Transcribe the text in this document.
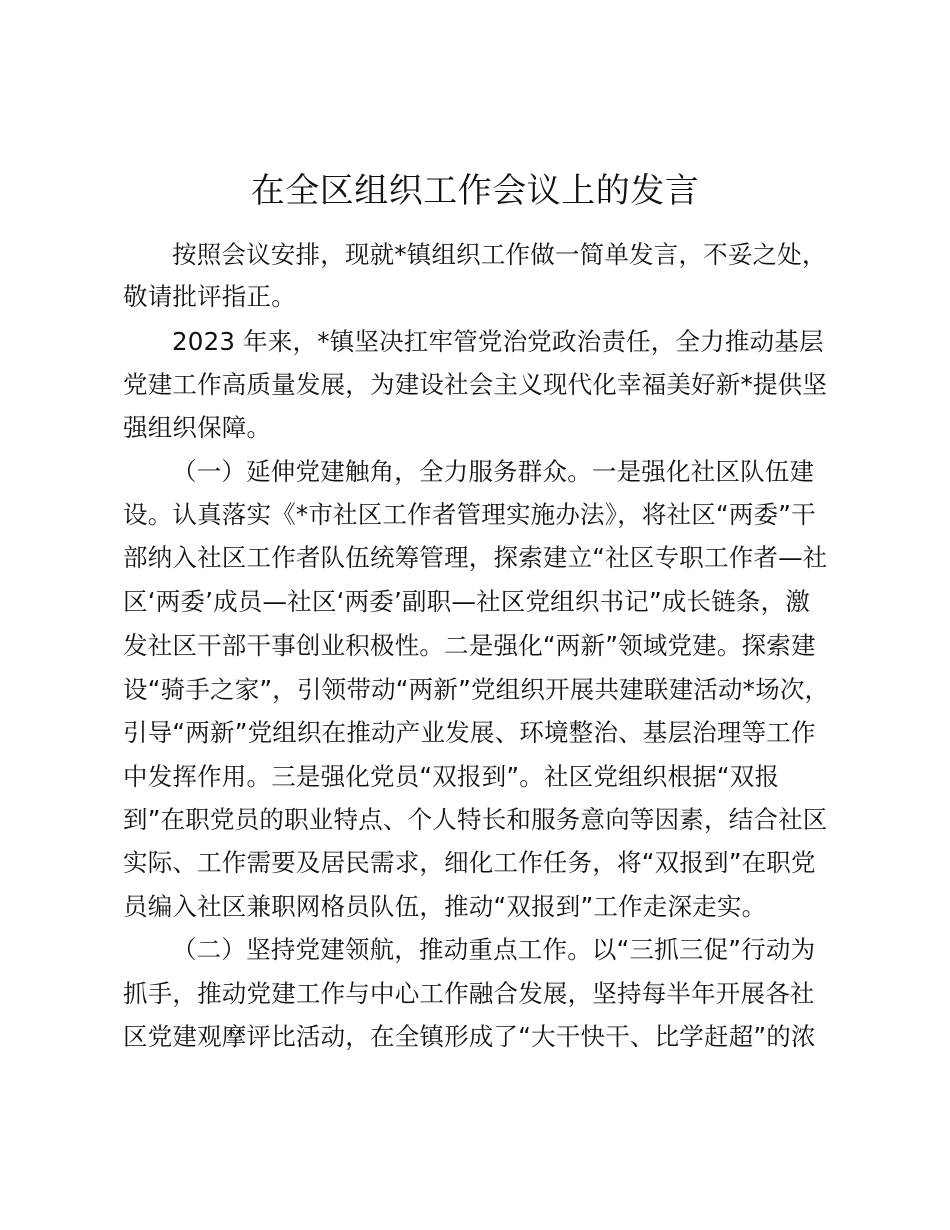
在全区组织工作会议上的发言
按照会议安排，现就*镇组织工作做一简单发言，不妥之处，
敬请批评指正。
2023 年来，*镇坚决扛牢管党治党政治责任，全力推动基层
党建工作高质量发展，为建设社会主义现代化幸福美好新*提供坚
强组织保障。
（一）延伸党建触角，全力服务群众。一是强化社区队伍建
设。认真落实《*市社区工作者管理实施办法》，将社区“两委”干
部纳入社区工作者队伍统筹管理，探索建立“社区专职工作者—社
区‘两委’成员—社区‘两委’副职—社区党组织书记”成长链条，激
发社区干部干事创业积极性。二是强化“两新”领域党建。探索建
设“骑手之家”，引领带动“两新”党组织开展共建联建活动*场次，
引导“两新”党组织在推动产业发展、环境整治、基层治理等工作
中发挥作用。三是强化党员“双报到”。社区党组织根据“双报
到”在职党员的职业特点、个人特长和服务意向等因素，结合社区
实际、工作需要及居民需求，细化工作任务，将“双报到”在职党
员编入社区兼职网格员队伍，推动“双报到”工作走深走实。
（二）坚持党建领航，推动重点工作。以“三抓三促”行动为
抓手，推动党建工作与中心工作融合发展，坚持每半年开展各社
区党建观摩评比活动，在全镇形成了“大干快干、比学赶超”的浓
